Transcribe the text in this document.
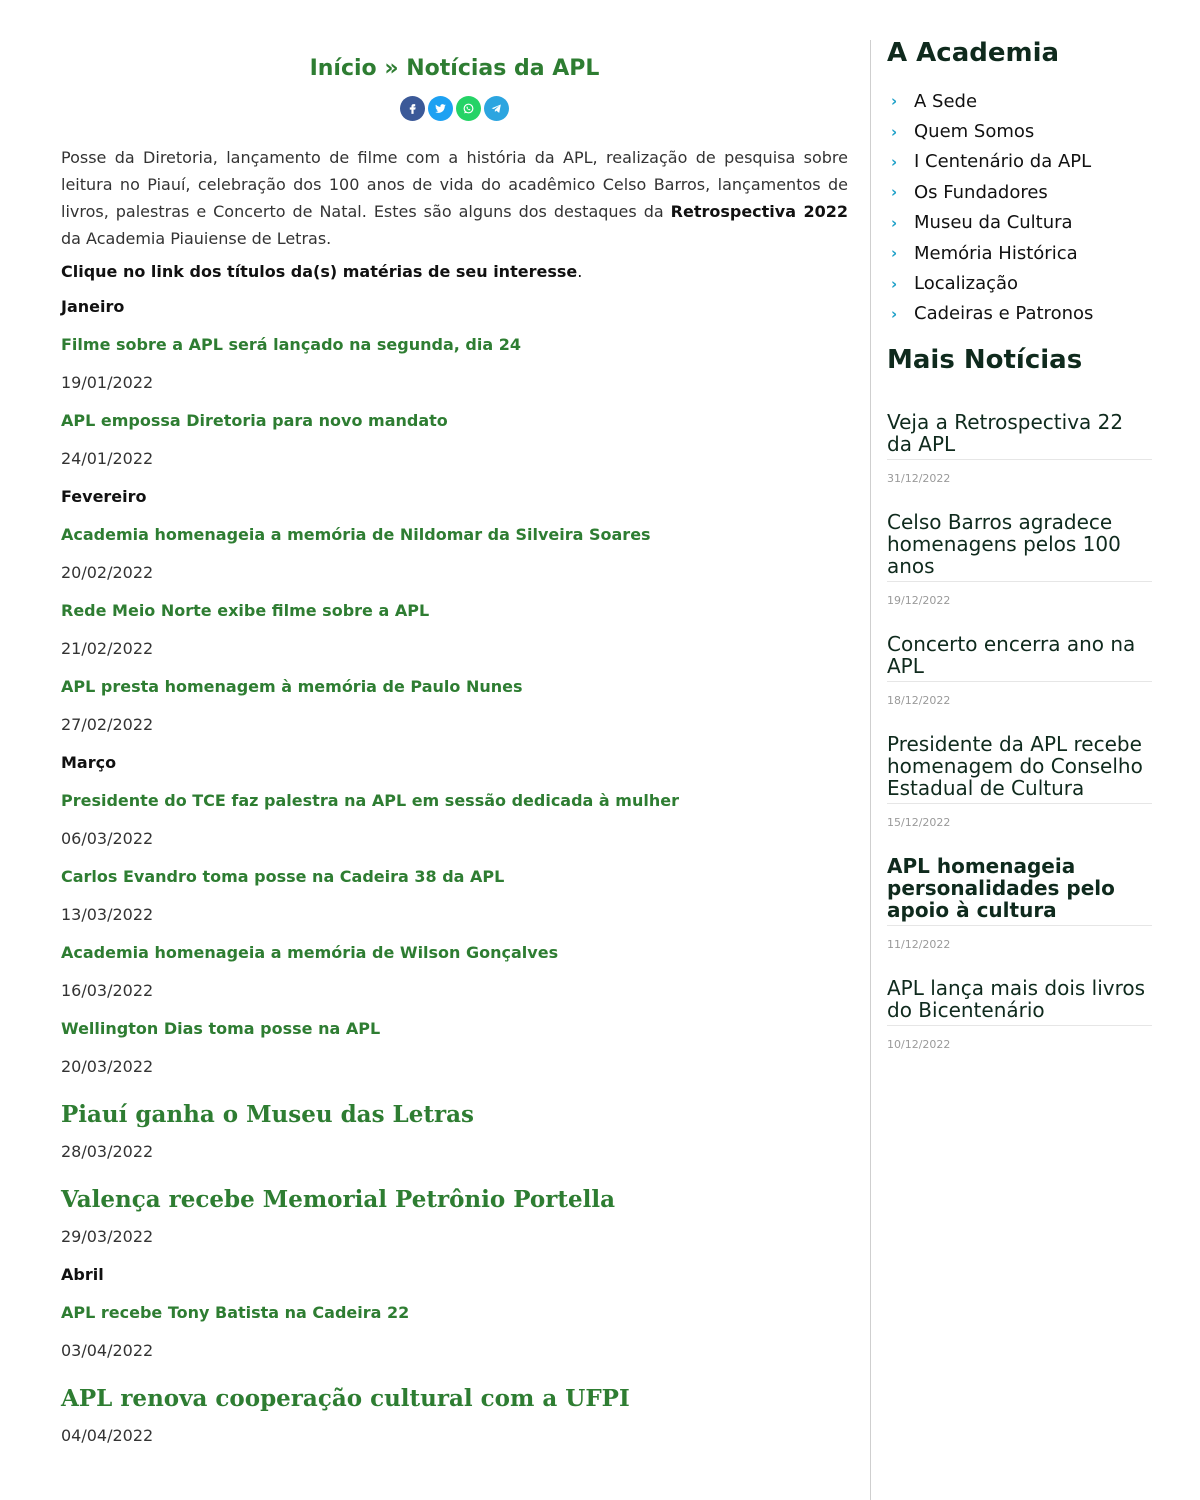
Início » Notícias da APL

Posse da Diretoria, lançamento de filme com a história da APL, realização de pesquisa sobre leitura no Piauí, celebração dos 100 anos de vida do acadêmico Celso Barros, lançamentos de livros, palestras e Concerto de Natal. Estes são alguns dos destaques da Retrospectiva 2022 da Academia Piauiense de Letras.

Clique no link dos títulos da(s) matérias de seu interesse.

Janeiro
Filme sobre a APL será lançado na segunda, dia 24
19/01/2022
APL empossa Diretoria para novo mandato
24/01/2022
Fevereiro
Academia homenageia a memória de Nildomar da Silveira Soares
20/02/2022
Rede Meio Norte exibe filme sobre a APL
21/02/2022
APL presta homenagem à memória de Paulo Nunes
27/02/2022
Março
Presidente do TCE faz palestra na APL em sessão dedicada à mulher
06/03/2022
Carlos Evandro toma posse na Cadeira 38 da APL
13/03/2022
Academia homenageia a memória de Wilson Gonçalves
16/03/2022
Wellington Dias toma posse na APL
20/03/2022
Piauí ganha o Museu das Letras
28/03/2022
Valença recebe Memorial Petrônio Portella
29/03/2022
Abril
APL recebe Tony Batista na Cadeira 22
03/04/2022
APL renova cooperação cultural com a UFPI
04/04/2022
A Academia
› A Sede
› Quem Somos
› I Centenário da APL
› Os Fundadores
› Museu da Cultura
› Memória Histórica
› Localização
› Cadeiras e Patronos
Mais Notícias
Veja a Retrospectiva 22 da APL
31/12/2022
Celso Barros agradece homenagens pelos 100 anos
19/12/2022
Concerto encerra ano na APL
18/12/2022
Presidente da APL recebe homenagem do Conselho Estadual de Cultura
15/12/2022
APL homenageia personalidades pelo apoio à cultura
11/12/2022
APL lança mais dois livros do Bicentenário
10/12/2022
